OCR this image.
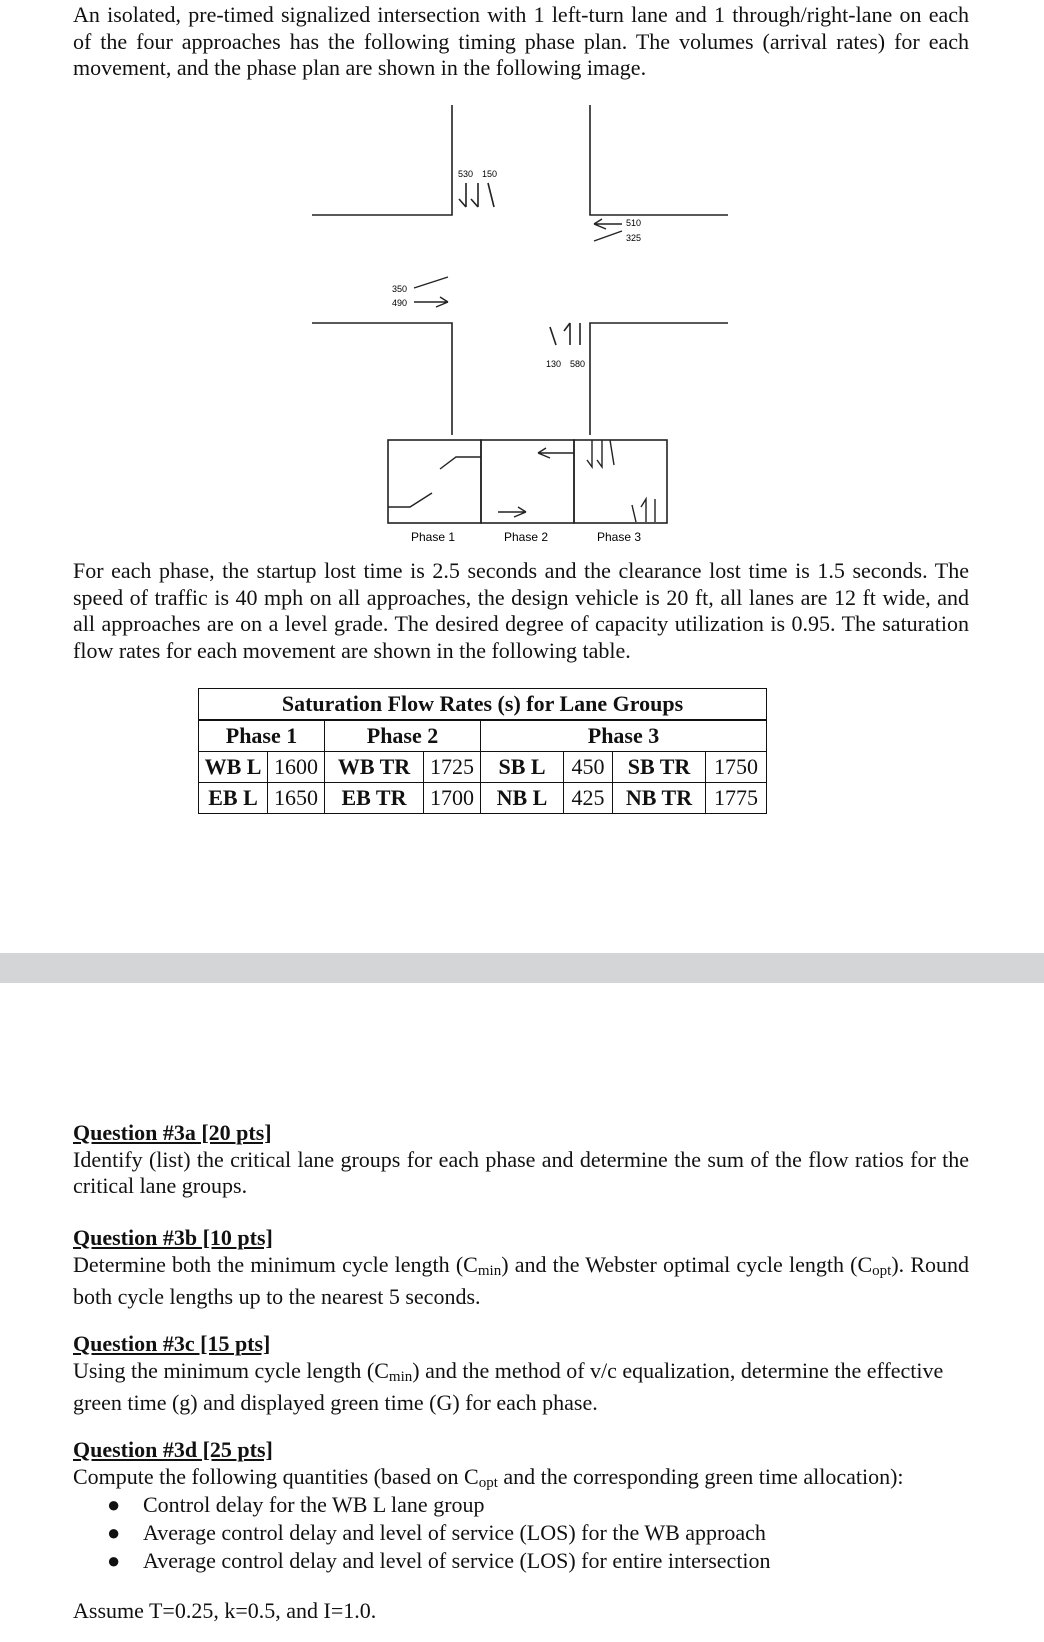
An isolated, pre-timed signalized intersection with 1 left-turn lane and 1 through/right-lane on each of the four approaches has the following timing phase plan. The volumes (arrival rates) for each movement, and the phase plan are shown in the following image.
530 150
510
325
350
490
130 580
Phase 1	Phase 2	Phase 3
For each phase, the startup lost time is 2.5 seconds and the clearance lost time is 1.5 seconds. The speed of traffic is 40 mph on all approaches, the design vehicle is 20 ft, all lanes are 12 ft wide, and all approaches are on a level grade. The desired degree of capacity utilization is 0.95. The saturation flow rates for each movement are shown in the following table.
Saturation Flow Rates (s) for Lane Groups							
Phase 1		Phase 2		Phase 3			
WB L	1600	WB TR	1725	SB L	450	SB TR	1750
EB L	1650	EB TR	1700	NB L	425	NB TR	1775
Question #3a [20 pts]
Identify (list) the critical lane groups for each phase and determine the sum of the flow ratios for the critical lane groups.
Question #3b [10 pts]
Determine both the minimum cycle length $(C_{min})$ and the Webster optimal cycle length $(C_{opt})$. Round both cycle lengths up to the nearest 5 seconds.
Question #3c [15 pts]
Using the minimum cycle length $(C_{min})$ and the method of v/c equalization, determine the effective green time (g) and displayed green time (G) for each phase.
Question #3d [25 pts]
Compute the following quantities (based on $C_{opt}$ and the corresponding green time allocation):
● Control delay for the WB L lane group
● Average control delay and level of service (LOS) for the WB approach
● Average control delay and level of service (LOS) for entire intersection
Assume T=0.25, k=0.5, and I=1.0.
